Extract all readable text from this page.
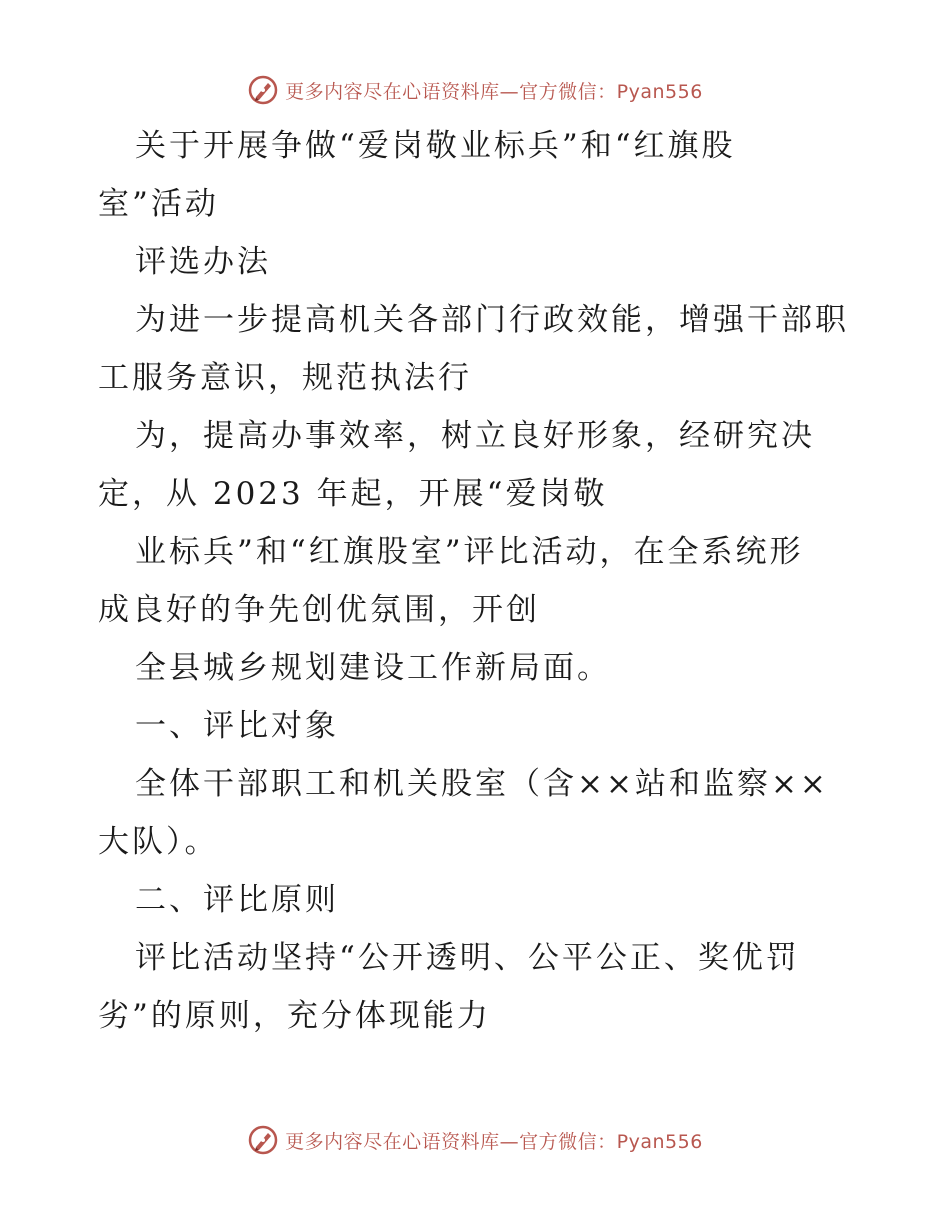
更多内容尽在心语资料库—官方微信：Pyan556
关于开展争做“爱岗敬业标兵”和“红旗股
室”活动
评选办法
为进一步提高机关各部门行政效能，增强干部职
工服务意识，规范执法行
为，提高办事效率，树立良好形象，经研究决
定，从 2023 年起，开展“爱岗敬
业标兵”和“红旗股室”评比活动，在全系统形
成良好的争先创优氛围，开创
全县城乡规划建设工作新局面。
一、评比对象
全体干部职工和机关股室（含××站和监察××
大队）。
二、评比原则
评比活动坚持“公开透明、公平公正、奖优罚
劣”的原则，充分体现能力
更多内容尽在心语资料库—官方微信：Pyan556
